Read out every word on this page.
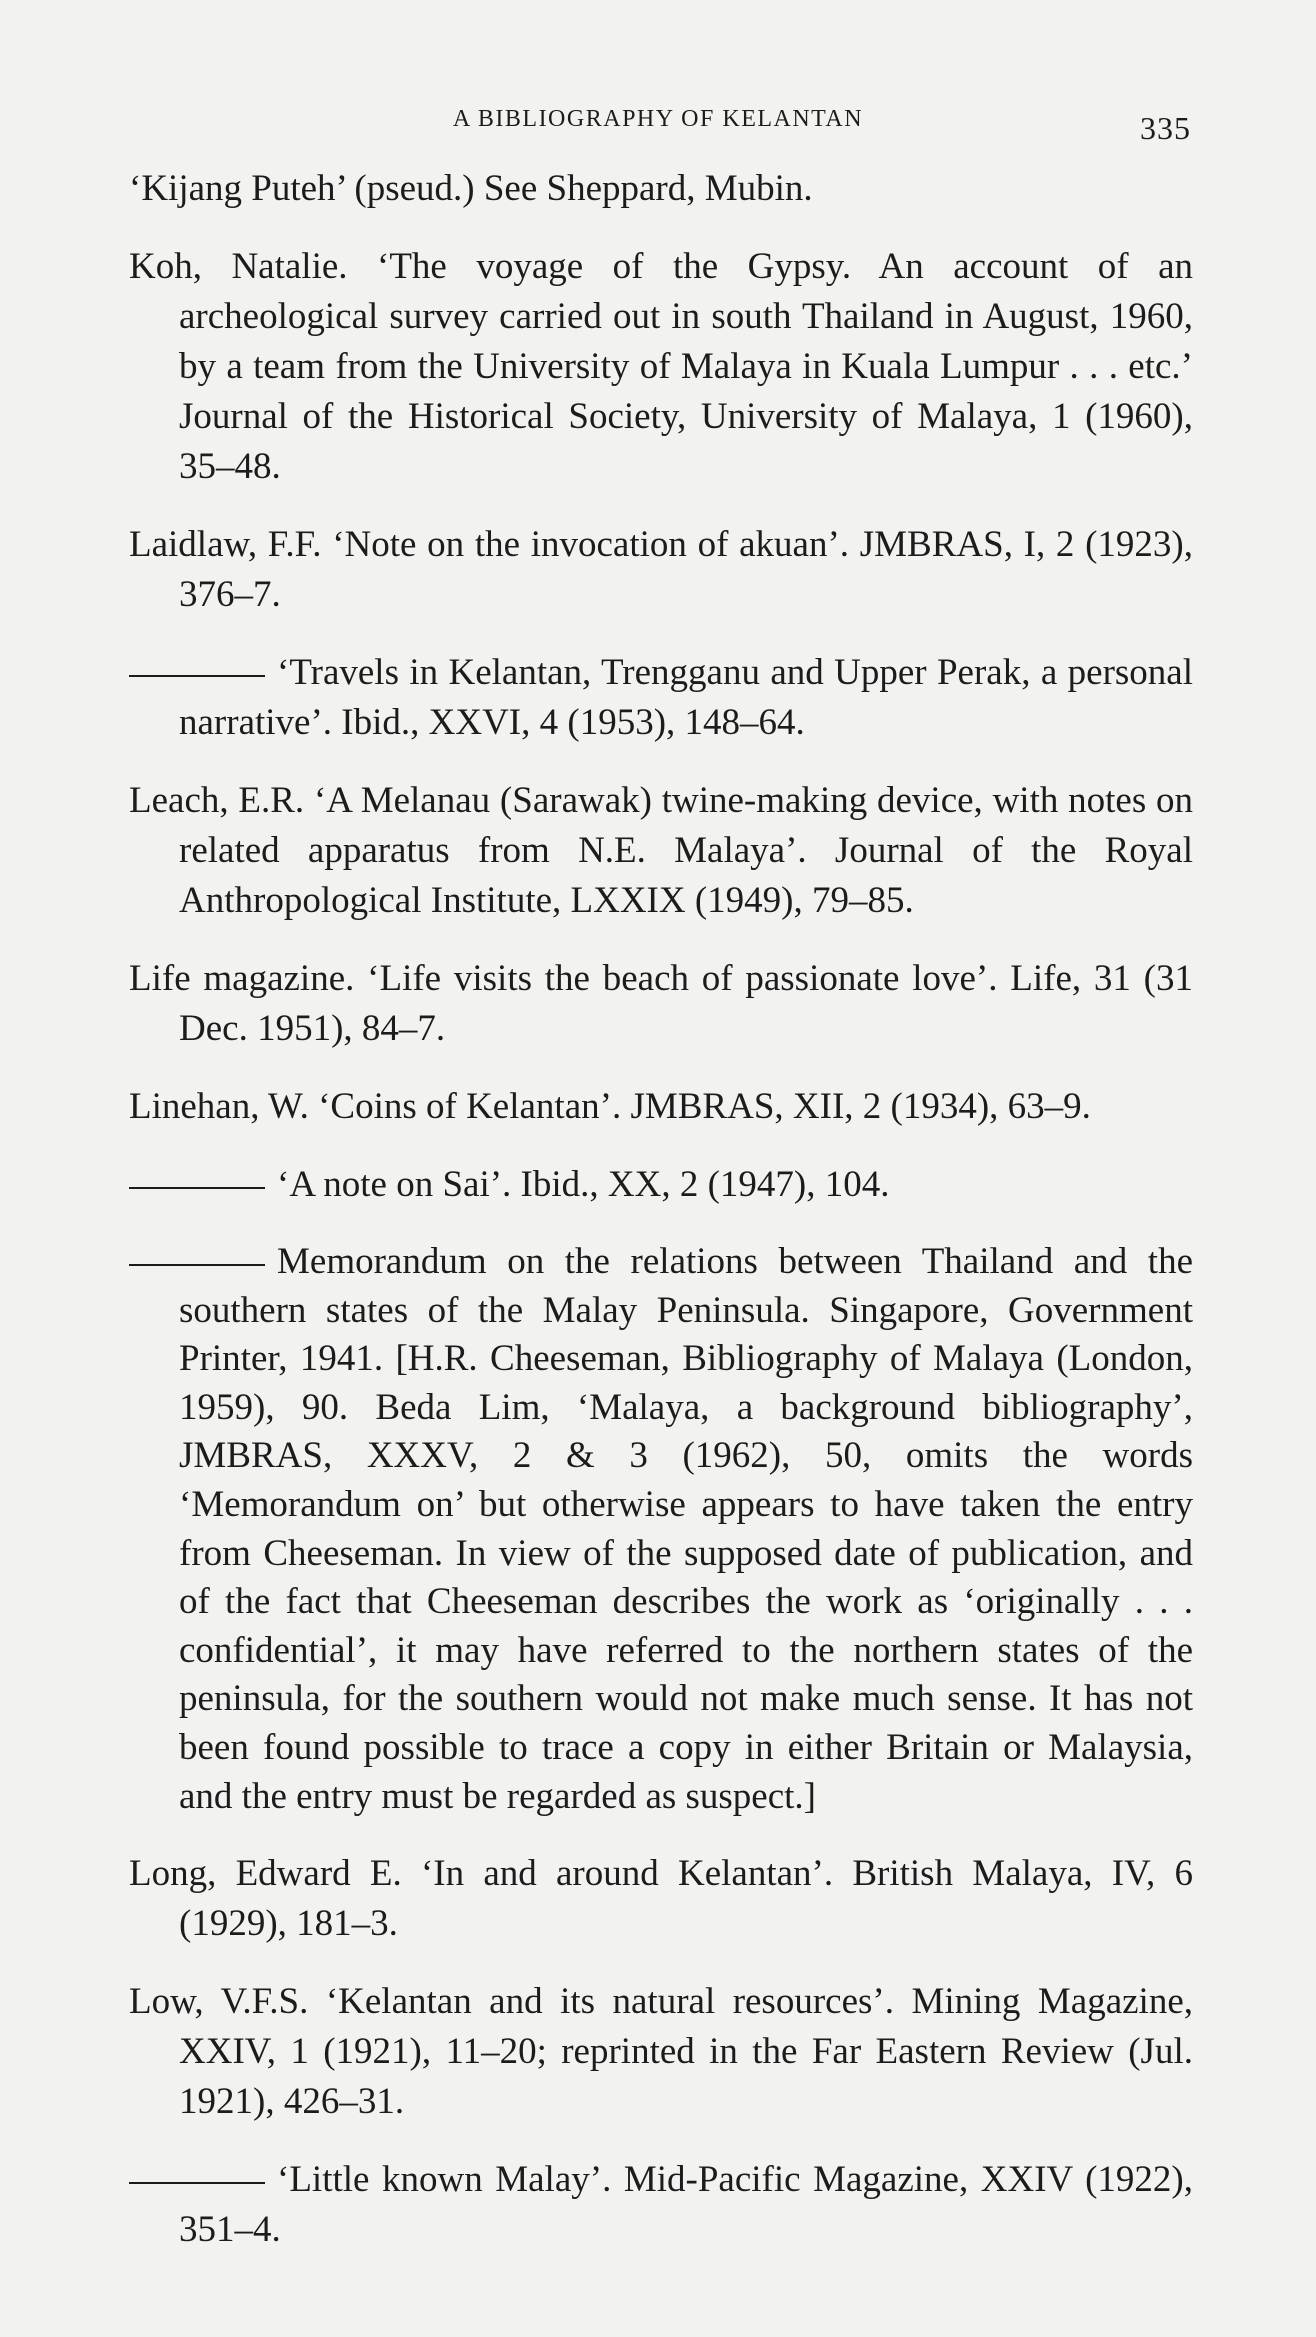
A BIBLIOGRAPHY OF KELANTAN	335

‘Kijang Puteh’ (pseud.) See Sheppard, Mubin.

Koh, Natalie. ‘The voyage of the Gypsy. An account of an archeological survey carried out in south Thailand in August, 1960, by a team from the University of Malaya in Kuala Lumpur . . . etc.’ Journal of the Historical Society, University of Malaya, 1 (1960), 35–48.

Laidlaw, F.F. ‘Note on the invocation of akuan’. JMBRAS, I, 2 (1923), 376–7.

‘Travels in Kelantan, Trengganu and Upper Perak, a personal narrative’. Ibid., XXVI, 4 (1953), 148–64.

Leach, E.R. ‘A Melanau (Sarawak) twine-making device, with notes on related apparatus from N.E. Malaya’. Journal of the Royal Anthropological Institute, LXXIX (1949), 79–85.

Life magazine. ‘Life visits the beach of passionate love’. Life, 31 (31 Dec. 1951), 84–7.

Linehan, W. ‘Coins of Kelantan’. JMBRAS, XII, 2 (1934), 63–9.

‘A note on Sai’. Ibid., XX, 2 (1947), 104.

Memorandum on the relations between Thailand and the southern states of the Malay Peninsula. Singapore, Government Printer, 1941. [H.R. Cheeseman, Bibliography of Malaya (London, 1959), 90. Beda Lim, ‘Malaya, a background bibliography’, JMBRAS, XXXV, 2 & 3 (1962), 50, omits the words ‘Memorandum on’ but otherwise appears to have taken the entry from Cheeseman. In view of the supposed date of publication, and of the fact that Cheeseman describes the work as ‘originally . . . confidential’, it may have referred to the northern states of the peninsula, for the southern would not make much sense. It has not been found possible to trace a copy in either Britain or Malaysia, and the entry must be regarded as suspect.]

Long, Edward E. ‘In and around Kelantan’. British Malaya, IV, 6 (1929), 181–3.

Low, V.F.S. ‘Kelantan and its natural resources’. Mining Magazine, XXIV, 1 (1921), 11–20; reprinted in the Far Eastern Review (Jul. 1921), 426–31.

‘Little known Malay’. Mid-Pacific Magazine, XXIV (1922), 351–4.
